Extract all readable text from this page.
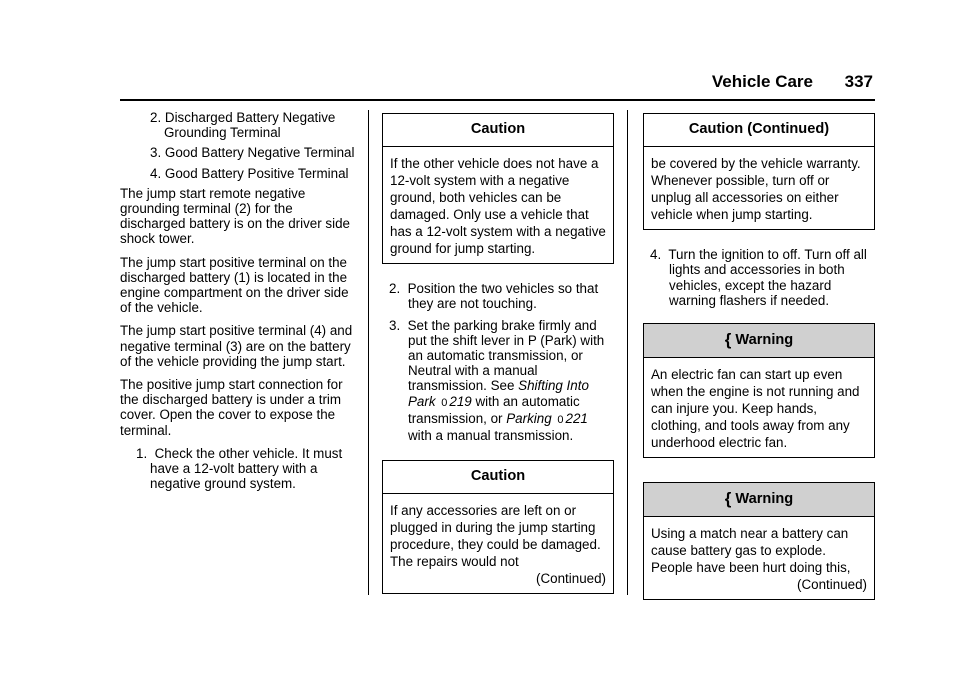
Vehicle Care 337
2. Discharged Battery Negative Grounding Terminal
3. Good Battery Negative Terminal
4. Good Battery Positive Terminal

The jump start remote negative grounding terminal (2) for the discharged battery is on the driver side shock tower.

The jump start positive terminal on the discharged battery (1) is located in the engine compartment on the driver side of the vehicle.

The jump start positive terminal (4) and negative terminal (3) are on the battery of the vehicle providing the jump start.

The positive jump start connection for the discharged battery is under a trim cover. Open the cover to expose the terminal.

1. Check the other vehicle. It must have a 12-volt battery with a negative ground system.
Caution
If the other vehicle does not have a 12-volt system with a negative ground, both vehicles can be damaged. Only use a vehicle that has a 12-volt system with a negative ground for jump starting.
2. Position the two vehicles so that they are not touching.
3. Set the parking brake firmly and put the shift lever in P (Park) with an automatic transmission, or Neutral with a manual transmission. See Shifting Into Park 0 219 with an automatic transmission, or Parking 0 221 with a manual transmission.
Caution
If any accessories are left on or plugged in during the jump starting procedure, they could be damaged. The repairs would not
(Continued)
Caution (Continued)
be covered by the vehicle warranty. Whenever possible, turn off or unplug all accessories on either vehicle when jump starting.
4. Turn the ignition to off. Turn off all lights and accessories in both vehicles, except the hazard warning flashers if needed.
{ Warning
An electric fan can start up even when the engine is not running and can injure you. Keep hands, clothing, and tools away from any underhood electric fan.
{ Warning
Using a match near a battery can cause battery gas to explode. People have been hurt doing this,
(Continued)
